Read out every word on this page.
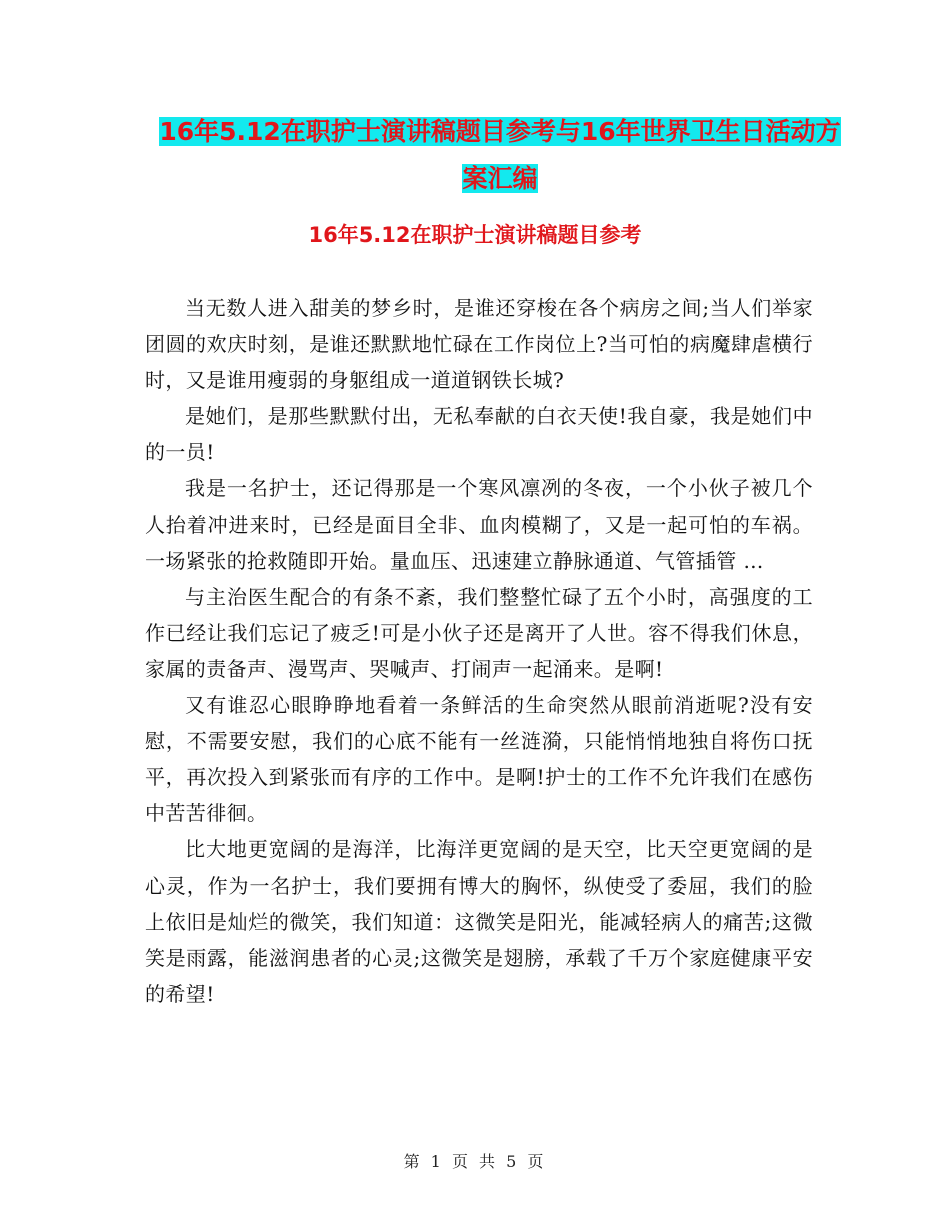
16年5.12在职护士演讲稿题目参考与16年世界卫生日活动方案汇编
16年5.12在职护士演讲稿题目参考

当无数人进入甜美的梦乡时，是谁还穿梭在各个病房之间;当人们举家团圆的欢庆时刻，是谁还默默地忙碌在工作岗位上?当可怕的病魔肆虐横行时，又是谁用瘦弱的身躯组成一道道钢铁长城?

是她们，是那些默默付出，无私奉献的白衣天使!我自豪，我是她们中的一员!

我是一名护士，还记得那是一个寒风凛冽的冬夜，一个小伙子被几个人抬着冲进来时，已经是面目全非、血肉模糊了，又是一起可怕的车祸。一场紧张的抢救随即开始。量血压、迅速建立静脉通道、气管插管 …

与主治医生配合的有条不紊，我们整整忙碌了五个小时，高强度的工作已经让我们忘记了疲乏!可是小伙子还是离开了人世。容不得我们休息，家属的责备声、漫骂声、哭喊声、打闹声一起涌来。是啊!

又有谁忍心眼睁睁地看着一条鲜活的生命突然从眼前消逝呢?没有安慰，不需要安慰，我们的心底不能有一丝涟漪，只能悄悄地独自将伤口抚平，再次投入到紧张而有序的工作中。是啊!护士的工作不允许我们在感伤中苦苦徘徊。

比大地更宽阔的是海洋，比海洋更宽阔的是天空，比天空更宽阔的是心灵，作为一名护士，我们要拥有博大的胸怀，纵使受了委屈，我们的脸上依旧是灿烂的微笑，我们知道：这微笑是阳光，能减轻病人的痛苦;这微笑是雨露，能滋润患者的心灵;这微笑是翅膀，承载了千万个家庭健康平安的希望!

第 1 页 共 5 页
